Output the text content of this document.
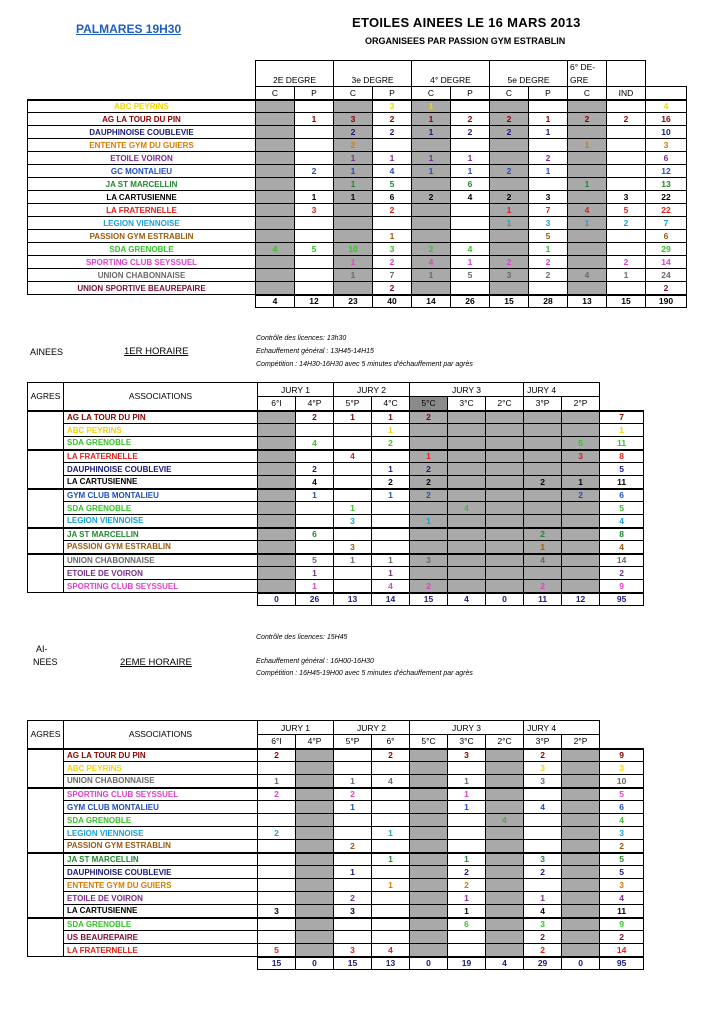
PALMARES 19H30	ETOILES AINEES LE 16 MARS 2013
ORGANISEES PAR PASSION GYM ESTRABLIN
									6° DE-		
	2E DEGRE		3e DEGRE		4° DEGRE		5e DEGRE		GRE		
	C	P	C	P	C	P	C	P	C	IND	
ABC PEYRINS				3	1						4
AG LA TOUR DU PIN		1	3	2	1	2	2	1	2	2	16
DAUPHINOISE COUBLEVIE			2	2	1	2	2	1			10
ENTENTE GYM DU GUIERS			2						1		3
ETOILE VOIRON			1	1	1	1		2			6
GC MONTALIEU		2	1	4	1	1	2	1			12
JA ST MARCELLIN			1	5		6			1		13
LA CARTUSIENNE		1	1	6	2	4	2	3		3	22
LA FRATERNELLE		3		2			1	7	4	5	22
LEGION VIENNOISE							1	3	1	2	7
PASSION GYM ESTRABLIN				1				5			6
SDA GRENOBLE	4	5	10	3	2	4		1			29
SPORTING CLUB SEYSSUEL			1	2	4	1	2	2		2	14
UNION CHABONNAISE			1	7	1	5	3	2	4	1	24
UNION SPORTIVE BEAUREPAIRE				2							2
	4	12	23	40	14	26	15	28	13	15	190
Contrôle des licences: 13h30
Echauffement général : 13H45-14H15
Compétition : 14H30-16H30 avec 5 minutes d'échauffement par agrès
AINEES	1ER HORAIRE
AGRES	ASSOCIATIONS	JURY 1		JURY 2		JURY 3			JURY 4		
		6°I	4°P	5°P	4°C	5°C	3°C	2°C	3°P	2°P	
	AG LA TOUR DU PIN		2	1	1	2					7
	ABC PEYRINS				1						1
	SDA GRENOBLE		4		2					5	11
	LA FRATERNELLE			4		1				3	8
	DAUPHINOISE COUBLEVIE		2		1	2					5
	LA CARTUSIENNE		4		2	2			2	1	11
	GYM CLUB MONTALIEU		1		1	2				2	6
	SDA GRENOBLE			1			4				5
	LEGION VIENNOISE			3		1					4
	JA ST MARCELLIN		6						2		8
	PASSION GYM ESTRABLIN			3					1		4
	UNION CHABONNAISE		5	1	1	3			4		14
	ETOILE DE VOIRON		1		1						2
	SPORTING CLUB SEYSSUEL		1		4	2			2		9
		0	26	13	14	15	4	0	11	12	95
Contrôle des licences: 15H45
AI-
NEES	2EME HORAIRE	Echauffement général : 16H00-16H30
Compétition : 16H45-19H00 avec 5 minutes d'échauffement par agrès
AGRES	ASSOCIATIONS	JURY 1		JURY 2		JURY 3			JURY 4		
		6°I	4°P	5°P	6°	5°C	3°C	2°C	3°P	2°P	
	AG LA TOUR DU PIN	2			2		3		2		9
	ABC PEYRINS								3		3
	UNION CHABONNAISE	1		1	4		1		3		10
	SPORTING CLUB SEYSSUEL	2		2			1				5
	GYM CLUB MONTALIEU			1			1		4		6
	SDA GRENOBLE							4			4
	LEGION VIENNOISE	2			1						3
	PASSION GYM ESTRABLIN			2							2
	JA ST MARCELLIN				1		1		3		5
	DAUPHINOISE COUBLEVIE			1			2		2		5
	ENTENTE GYM DU GUIERS				1		2				3
	ETOILE DE VOIRON			2			1		1		4
	LA CARTUSIENNE	3		3			1		4		11
	SDA GRENOBLE						6		3		9
	US BEAUREPAIRE								2		2
	LA FRATERNELLE	5		3	4				2		14
		15	0	15	13	0	19	4	29	0	95
